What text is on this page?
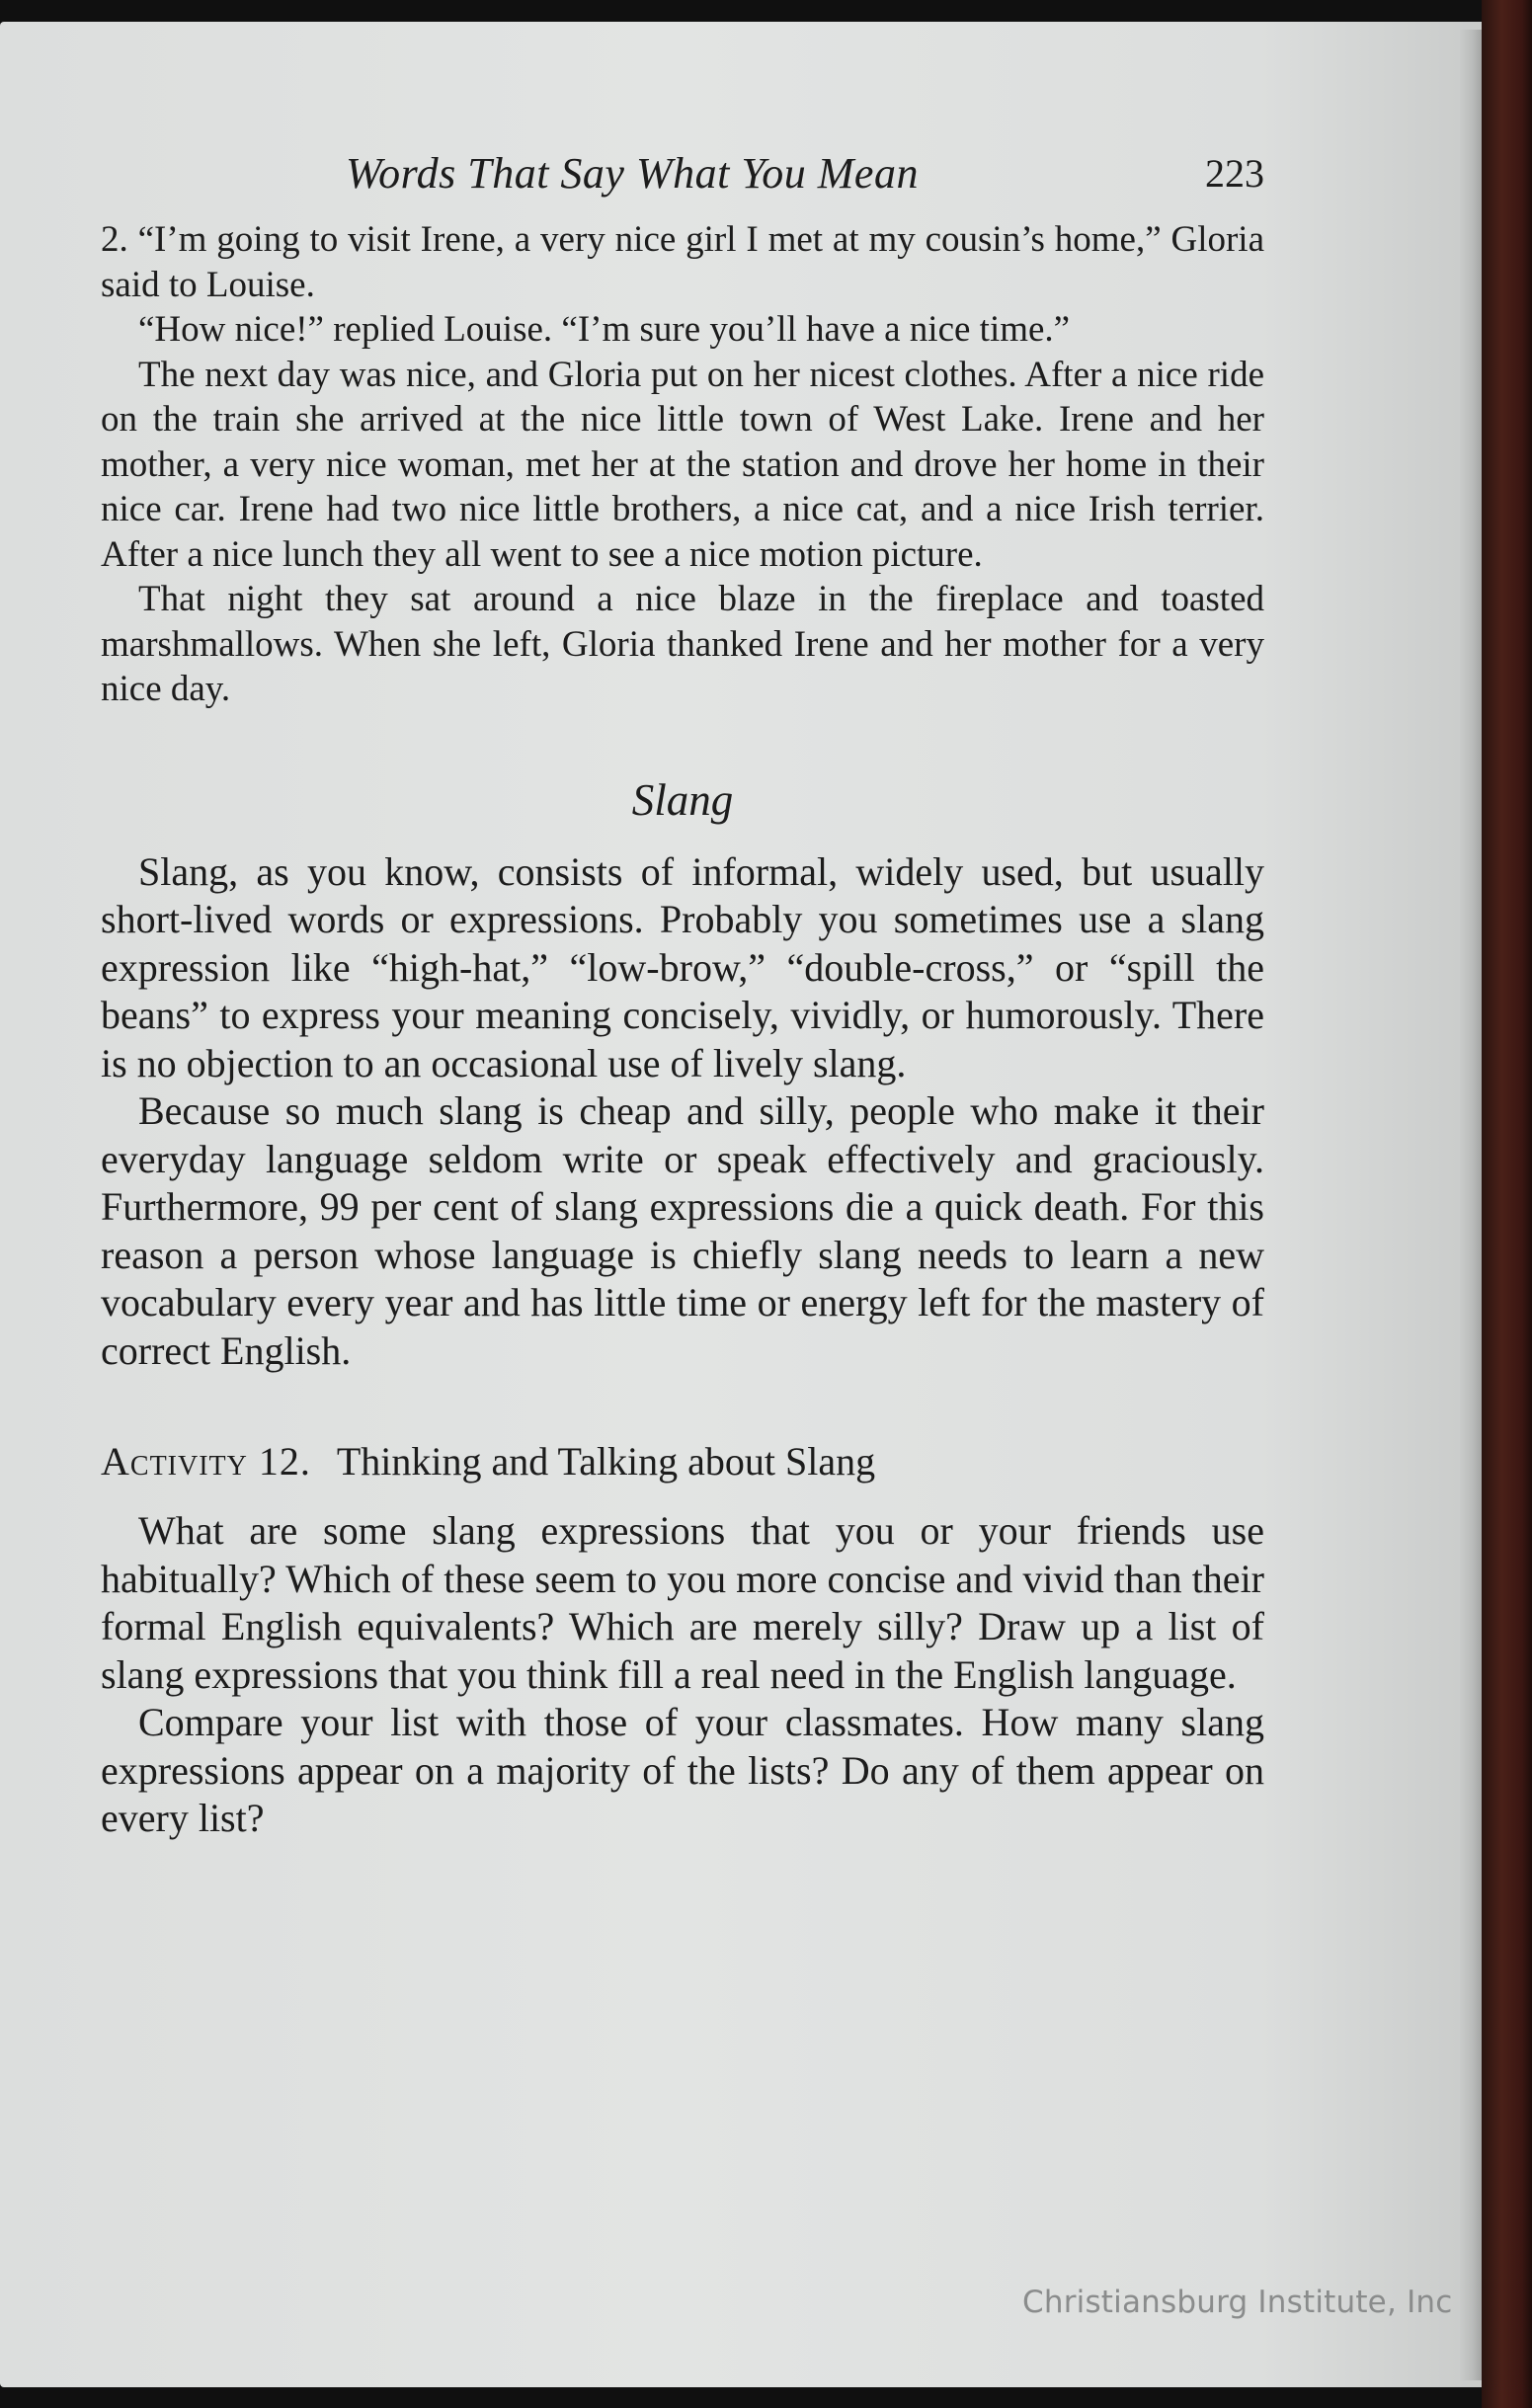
Words That Say What You Mean	223

2. “I’m going to visit Irene, a very nice girl I met at my cousin’s home,” Gloria said to Louise.

“How nice!” replied Louise. “I’m sure you’ll have a nice time.”

The next day was nice, and Gloria put on her nicest clothes. After a nice ride on the train she arrived at the nice little town of West Lake. Irene and her mother, a very nice woman, met her at the station and drove her home in their nice car. Irene had two nice little brothers, a nice cat, and a nice Irish terrier. After a nice lunch they all went to see a nice motion picture.

That night they sat around a nice blaze in the fireplace and toasted marshmallows. When she left, Gloria thanked Irene and her mother for a very nice day.

Slang

Slang, as you know, consists of informal, widely used, but usually short-lived words or expressions. Probably you sometimes use a slang expression like “high-hat,” “low-brow,” “double-cross,” or “spill the beans” to express your meaning concisely, vividly, or humorously. There is no objection to an occasional use of lively slang.

Because so much slang is cheap and silly, people who make it their everyday language seldom write or speak effectively and graciously. Furthermore, 99 per cent of slang expressions die a quick death. For this reason a person whose language is chiefly slang needs to learn a new vocabulary every year and has little time or energy left for the mastery of correct English.

Activity 12. Thinking and Talking about Slang

What are some slang expressions that you or your friends use habitually? Which of these seem to you more concise and vivid than their formal English equivalents? Which are merely silly? Draw up a list of slang expressions that you think fill a real need in the English language.

Compare your list with those of your classmates. How many slang expressions appear on a majority of the lists? Do any of them appear on every list?

Christiansburg Institute, Inc
